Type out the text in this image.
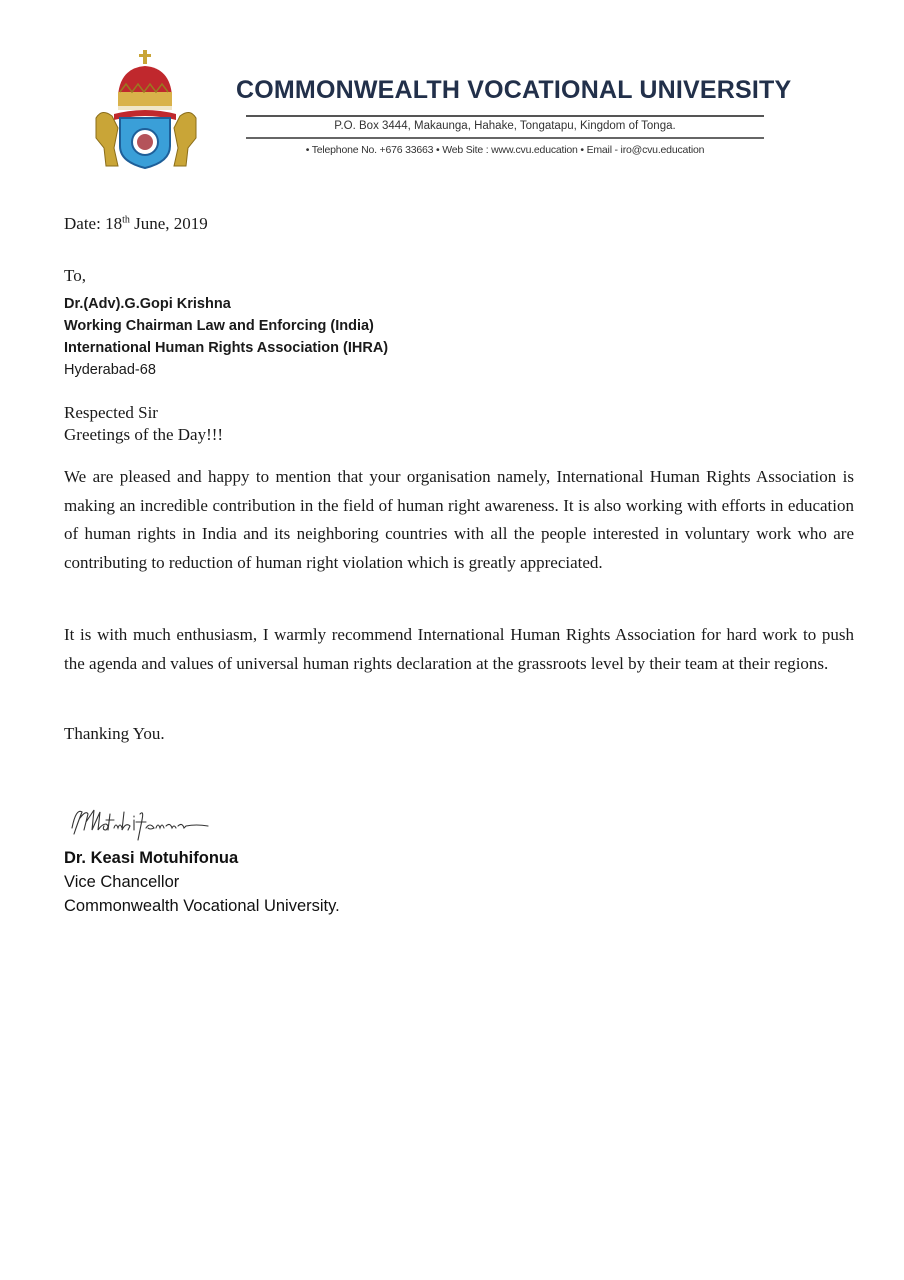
COMMONWEALTH VOCATIONAL UNIVERSITY
P.O. Box 3444, Makaunga, Hahake, Tongatapu, Kingdom of Tonga.
• Telephone No. +676 33663 • Web Site : www.cvu.education • Email - iro@cvu.education
Date: 18th June, 2019
To,
Dr.(Adv).G.Gopi Krishna
Working Chairman Law and Enforcing (India)
International Human Rights Association (IHRA)
Hyderabad-68
Respected Sir
Greetings of the Day!!!
We are pleased and happy to mention that your organisation namely, International Human Rights Association is making an incredible contribution in the field of human right awareness. It is also working with efforts in education of human rights in India and its neighboring countries with all the people interested in voluntary work who are contributing to reduction of human right violation which is greatly appreciated.
It is with much enthusiasm, I warmly recommend International Human Rights Association for hard work to push the agenda and values of universal human rights declaration at the grassroots level by their team at their regions.
Thanking You.
Dr. Keasi Motuhifonua
Vice Chancellor
Commonwealth Vocational University.
